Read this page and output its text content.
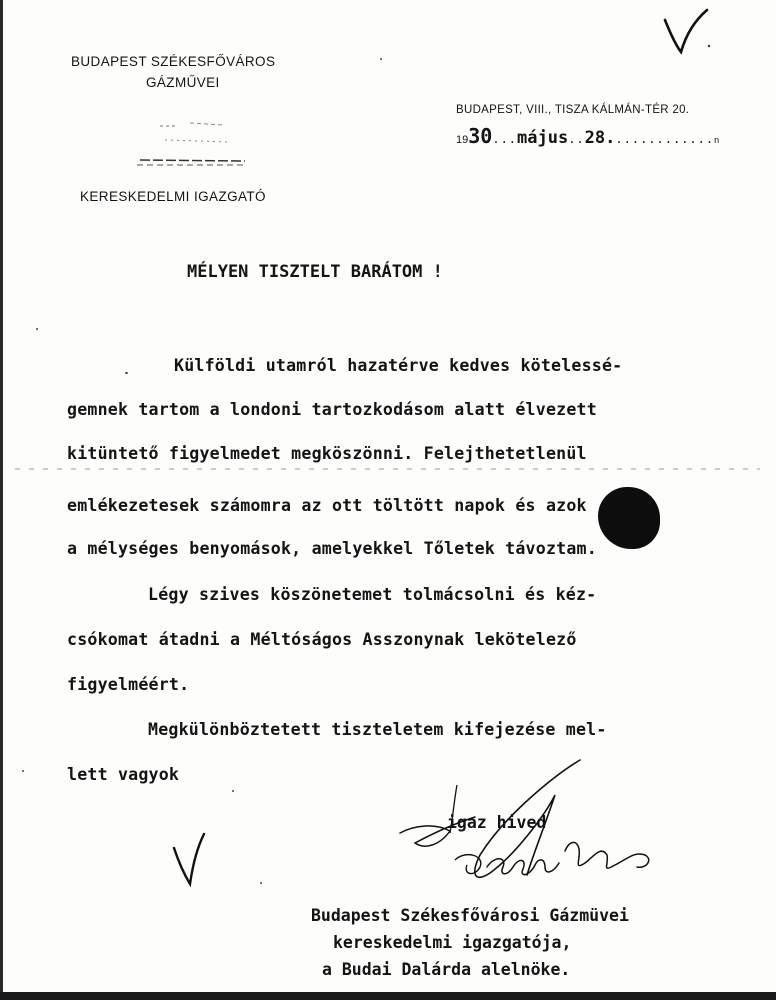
BUDAPEST SZÉKESFŐVÁROS
GÁZMŰVEI
KERESKEDELMI IGAZGATÓ
BUDAPEST, VIII., TISZA KÁLMÁN-TÉR 20.
1930...május..28.............n
MÉLYEN TISZTELT BARÁTOM !
Külföldi utamról hazatérve kedves kötelessé-
gemnek tartom a londoni tartozkodásom alatt élvezett
kitüntető figyelmedet megköszönni. Felejthetetlenül
emlékezetesek számomra az ott töltött napok és azok
a mélységes benyomások, amelyekkel Tőletek távoztam.
Légy szives köszönetemet tolmácsolni és kéz-
csókomat átadni a Méltóságos Asszonynak lekötelező
figyelméért.
Megkülönböztetett tiszteletem kifejezése mel-
lett vagyok
igaz hived
Budapest Székesfővárosi Gázmüvei
kereskedelmi igazgatója,
a Budai Dalárda alelnöke.
